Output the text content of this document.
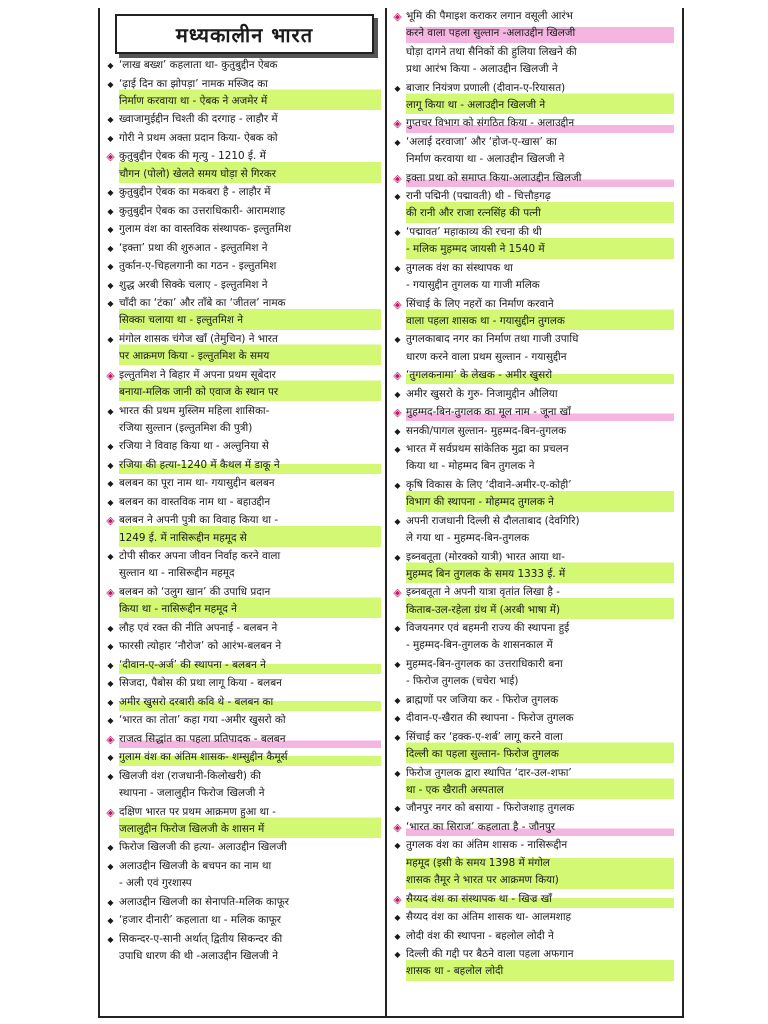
मध्यकालीन भारत
◆ ‘लाख बख्श’ कहलाता था- कुतुबुद्दीन ऐबक
◆ ‘ढ़ाई दिन का झोपड़ा’ नामक मस्जिद का
निर्माण करवाया था - ऐबक ने अजमेर में
◆ ख्वाजामुईद्दीन चिश्ती की दरगाह - लाहौर में
◆ गोरी ने प्रथम अक्ता प्रदान किया- ऐबक को
◈ कुतुबुद्दीन ऐबक की मृत्यु - 1210 ई. में
चौगन (पोलो) खेलते समय घोड़ा से गिरकर
◆ कुतुबुद्दीन ऐबक का मकबरा है - लाहौर में
◆ कुतुबुद्दीन ऐबक का उत्तराधिकारी- आरामशाह
◆ गुलाम वंश का वास्तविक संस्थापक- इल्तुतमिश
◆ ‘इक्ता’ प्रथा की शुरुआत - इल्तुतमिश ने
◆ तुर्कान-ए-चिहलगानी का गठन - इल्तुतमिश
◆ शुद्ध अरबी सिक्के चलाए - इल्तुतमिश ने
◆ चाँदी का ‘टंका’ और ताँबे का ‘जीतल’ नामक
सिक्का चलाया था - इल्तुतमिश ने
◆ मंगोल शासक चंगेज खाँ (तेमुचिन) ने भारत
पर आक्रमण किया - इल्तुतमिश के समय
◈ इल्तुतमिश ने बिहार में अपना प्रथम सूबेदार
बनाया-मलिक जानी को एवाज के स्थान पर
◆ भारत की प्रथम मुस्लिम महिला शासिका-
रजिया सुल्तान (इल्तुतमिश की पुत्री)
◆ रजिया ने विवाह किया था - अल्तुनिया से
◆ रजिया की हत्या-1240 में कैथल में डाकू ने
◆ बलबन का पूरा नाम था- गयासुद्दीन बलबन
◆ बलबन का वास्तविक नाम था - बहाउद्दीन
◈ बलबन ने अपनी पुत्री का विवाह किया था -
1249 ई. में नासिरूद्दीन महमूद से
◆ टोपी सीकर अपना जीवन निर्वाह करने वाला
सुल्तान था - नासिरूद्दीन महमूद
◈ बलबन को ‘उलुग खान’ की उपाधि प्रदान
किया था - नासिरूद्दीन महमूद ने
◆ लौह एवं रक्त की नीति अपनाई - बलबन ने
◆ फारसी त्योहार ‘नौरोज’ को आरंभ-बलबन ने
◆ ‘दीवान-ए-अर्ज’ की स्थापना - बलबन ने
◆ सिजदा, पैबोस की प्रथा लागू किया - बलबन
◆ अमीर खुसरो दरबारी कवि थे - बलबन का
◆ ‘भारत का तोता’ कहा गया -अमीर खुसरो को
◈ राजत्व सिद्धांत का पहला प्रतिपादक - बलबन
◆ गुलाम वंश का अंतिम शासक- शम्सुद्दीन कैमूर्स
◆ खिलजी वंश (राजधानी-किलोखरी) की
स्थापना - जलालुद्दीन फिरोज खिलजी ने
◈ दक्षिण भारत पर प्रथम आक्रमण हुआ था -
जलालुद्दीन फिरोज खिलजी के शासन में
◆ फिरोज खिलजी की हत्या- अलाउद्दीन खिलजी
◆ अलाउद्दीन खिलजी के बचपन का नाम था
- अली एवं गुरशास्प
◆ अलाउद्दीन खिलजी का सेनापति-मलिक काफूर
◆ ‘हजार दीनारी’ कहलाता था - मलिक काफूर
◆ सिकन्दर-ए-सानी अर्थात् द्वितीय सिकन्दर की
उपाधि धारण की थी -अलाउद्दीन खिलजी ने
◈ भूमि की पैमाइश कराकर लगान वसूली आरंभ
करने वाला पहला सुल्तान -अलाउद्दीन खिलजी
घोड़ा दागने तथा सैनिकों की हुलिया लिखने की
प्रथा आरंभ किया - अलाउद्दीन खिलजी ने
◆ बाजार नियंत्रण प्रणाली (दीवान-ए-रियासत)
लागू किया था - अलाउद्दीन खिलजी ने
◈ गुप्तचर विभाग को संगठित किया - अलाउद्दीन
◆ ‘अलाई दरवाजा’ और ‘होज-ए-खास’ का
निर्माण करवाया था - अलाउद्दीन खिलजी ने
◈ इक्ता प्रथा को समाप्त किया-अलाउद्दीन खिलजी
◆ रानी पद्मिनी (पद्मावती) थी - चित्तौड़गढ़
की रानी और राजा रत्नसिंह की पत्नी
◆ ‘पद्मावत’ महाकाव्य की रचना की थी
- मलिक मुहम्मद जायसी ने 1540 में
◆ तुगलक वंश का संस्थापक था
- गयासुद्दीन तुगलक या गाजी मलिक
◈ सिंचाई के लिए नहरों का निर्माण करवाने
वाला पहला शासक था - गयासुद्दीन तुगलक
◆ तुगलकाबाद नगर का निर्माण तथा गाजी उपाधि
धारण करने वाला प्रथम सुल्तान - गयासुद्दीन
◈ ‘तुगलकनामा’ के लेखक - अमीर खुसरो
◆ अमीर खुसरो के गुरु- निजामुद्दीन औलिया
◈ मुहम्मद-बिन-तुगलक का मूल नाम - जूना खाँ
◆ सनकी/पागल सुल्तान- मुहम्मद-बिन-तुगलक
◆ भारत में सर्वप्रथम सांकेतिक मुद्रा का प्रचलन
किया था - मोहम्मद बिन तुगलक ने
◆ कृषि विकास के लिए ‘दीवाने-अमीर-ए-कोही’
विभाग की स्थापना - मोहम्मद तुगलक ने
◆ अपनी राजधानी दिल्ली से दौलताबाद (देवगिरि)
ले गया था - मुहम्मद-बिन-तुगलक
◆ इब्नबतूता (मोरक्को यात्री) भारत आया था-
मुहम्मद बिन तुगलक के समय 1333 ई. में
◈ इब्नबतूता ने अपनी यात्रा वृतांत लिखा है -
किताब-उल-रहेला ग्रंथ में (अरबी भाषा में)
◆ विजयनगर एवं बहमनी राज्य की स्थापना हुई
- मुहम्मद-बिन-तुगलक के शासनकाल में
◆ मुहम्मद-बिन-तुगलक का उत्तराधिकारी बना
- फिरोज तुगलक (चचेरा भाई)
◆ ब्राह्मणों पर जजिया कर - फिरोज तुगलक
◆ दीवान-ए-खैरात की स्थापना - फिरोज तुगलक
◆ सिंचाई कर ‘हक्क-ए-शर्ब’ लागू करने वाला
दिल्ली का पहला सुल्तान- फिरोज तुगलक
◆ फिरोज तुगलक द्वारा स्थापित ‘दार-उल-शफा’
था - एक खैराती अस्पताल
◆ जौनपुर नगर को बसाया - फिरोजशाह तुगलक
◈ ‘भारत का सिराज’ कहलाता है - जौनपुर
◆ तुगलक वंश का अंतिम शासक - नासिरूद्दीन
महमूद (इसी के समय 1398 में मंगोल
शासक तैमूर ने भारत पर आक्रमण किया)
◈ सैय्यद वंश का संस्थापक था - खिज्र खाँ
◆ सैय्यद वंश का अंतिम शासक था- आलमशाह
◆ लोदी वंश की स्थापना - बहलोल लोदी ने
◆ दिल्ली की गद्दी पर बैठने वाला पहला अफगान
शासक था - बहलोल लोदी
